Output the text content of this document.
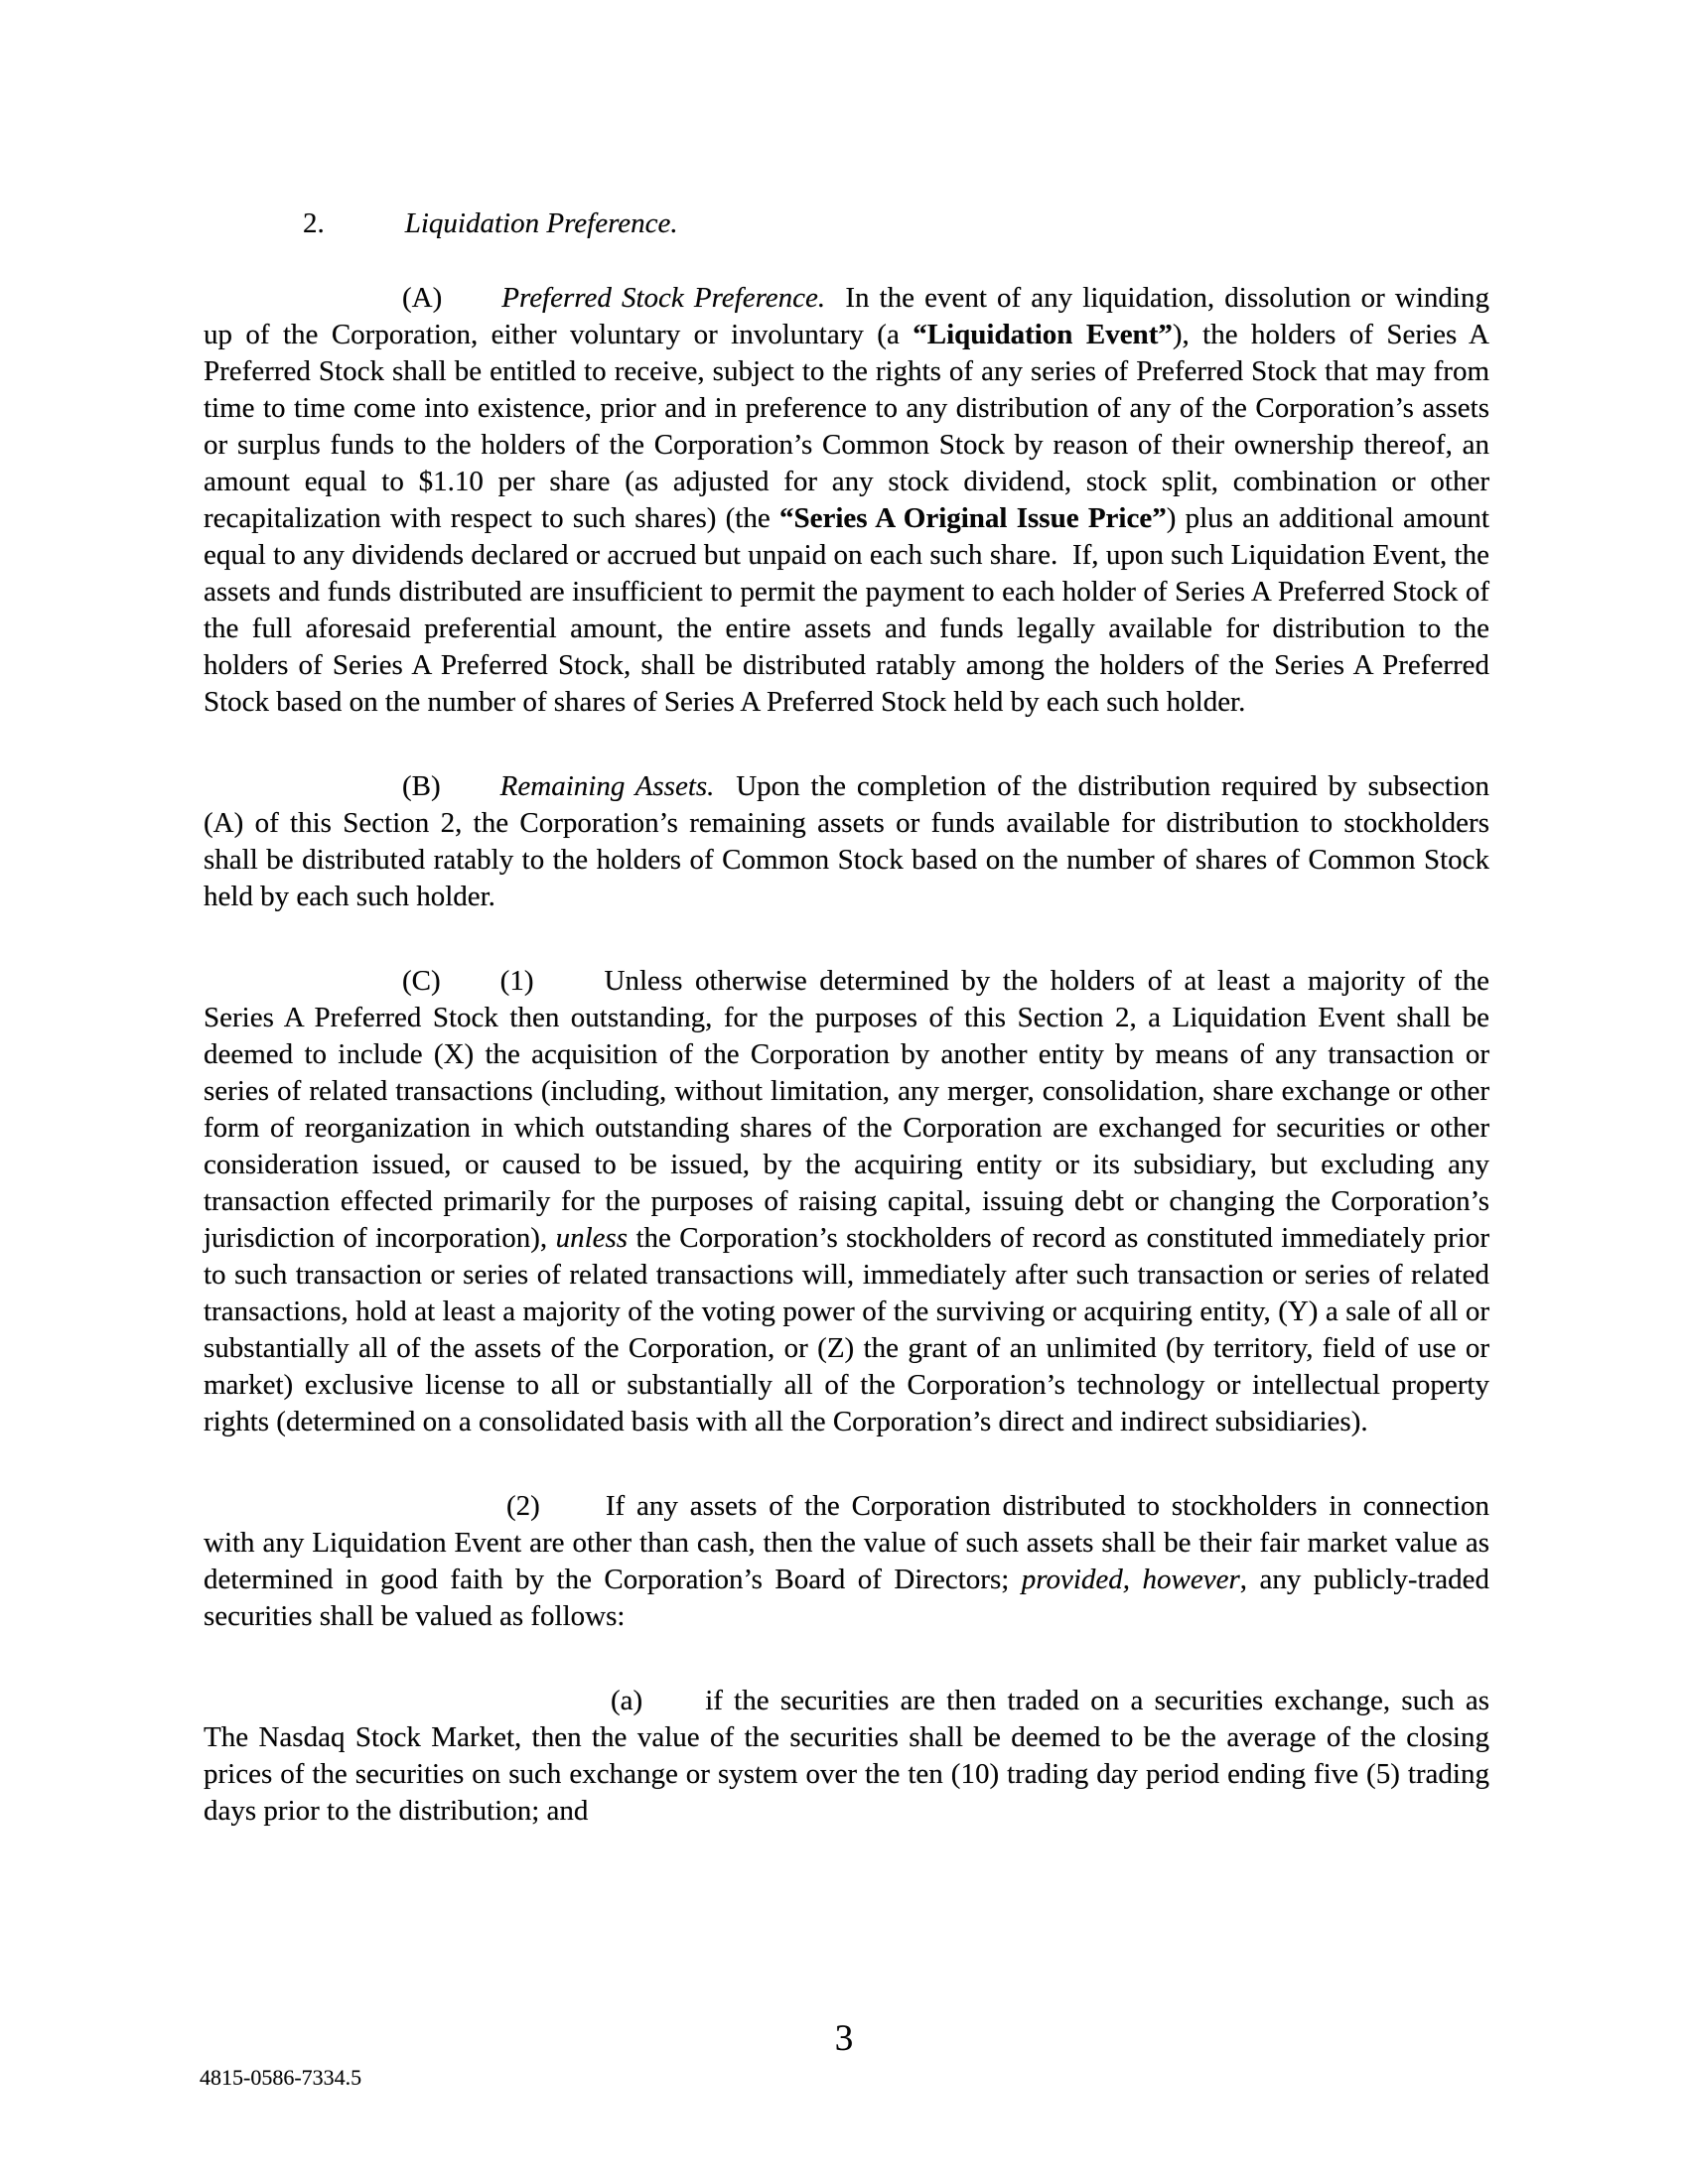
2.	Liquidation Preference.

(A) Preferred Stock Preference.  In the event of any liquidation, dissolution or winding up of the Corporation, either voluntary or involuntary (a “Liquidation Event”), the holders of Series A Preferred Stock shall be entitled to receive, subject to the rights of any series of Preferred Stock that may from time to time come into existence, prior and in preference to any distribution of any of the Corporation’s assets or surplus funds to the holders of the Corporation’s Common Stock by reason of their ownership thereof, an amount equal to $1.10 per share (as adjusted for any stock dividend, stock split, combination or other recapitalization with respect to such shares) (the “Series A Original Issue Price”) plus an additional amount equal to any dividends declared or accrued but unpaid on each such share.  If, upon such Liquidation Event, the assets and funds distributed are insufficient to permit the payment to each holder of Series A Preferred Stock of the full aforesaid preferential amount, the entire assets and funds legally available for distribution to the holders of Series A Preferred Stock, shall be distributed ratably among the holders of the Series A Preferred Stock based on the number of shares of Series A Preferred Stock held by each such holder.

(B) Remaining Assets.  Upon the completion of the distribution required by subsection (A) of this Section 2, the Corporation’s remaining assets or funds available for distribution to stockholders shall be distributed ratably to the holders of Common Stock based on the number of shares of Common Stock held by each such holder.

(C) (1) Unless otherwise determined by the holders of at least a majority of the Series A Preferred Stock then outstanding, for the purposes of this Section 2, a Liquidation Event shall be deemed to include (X) the acquisition of the Corporation by another entity by means of any transaction or series of related transactions (including, without limitation, any merger, consolidation, share exchange or other form of reorganization in which outstanding shares of the Corporation are exchanged for securities or other consideration issued, or caused to be issued, by the acquiring entity or its subsidiary, but excluding any transaction effected primarily for the purposes of raising capital, issuing debt or changing the Corporation’s jurisdiction of incorporation), unless the Corporation’s stockholders of record as constituted immediately prior to such transaction or series of related transactions will, immediately after such transaction or series of related transactions, hold at least a majority of the voting power of the surviving or acquiring entity, (Y) a sale of all or substantially all of the assets of the Corporation, or (Z) the grant of an unlimited (by territory, field of use or market) exclusive license to all or substantially all of the Corporation’s technology or intellectual property rights (determined on a consolidated basis with all the Corporation’s direct and indirect subsidiaries).

(2) If any assets of the Corporation distributed to stockholders in connection with any Liquidation Event are other than cash, then the value of such assets shall be their fair market value as determined in good faith by the Corporation’s Board of Directors; provided, however, any publicly-traded securities shall be valued as follows:

(a) if the securities are then traded on a securities exchange, such as The Nasdaq Stock Market, then the value of the securities shall be deemed to be the average of the closing prices of the securities on such exchange or system over the ten (10) trading day period ending five (5) trading days prior to the distribution; and

3
4815-0586-7334.5
